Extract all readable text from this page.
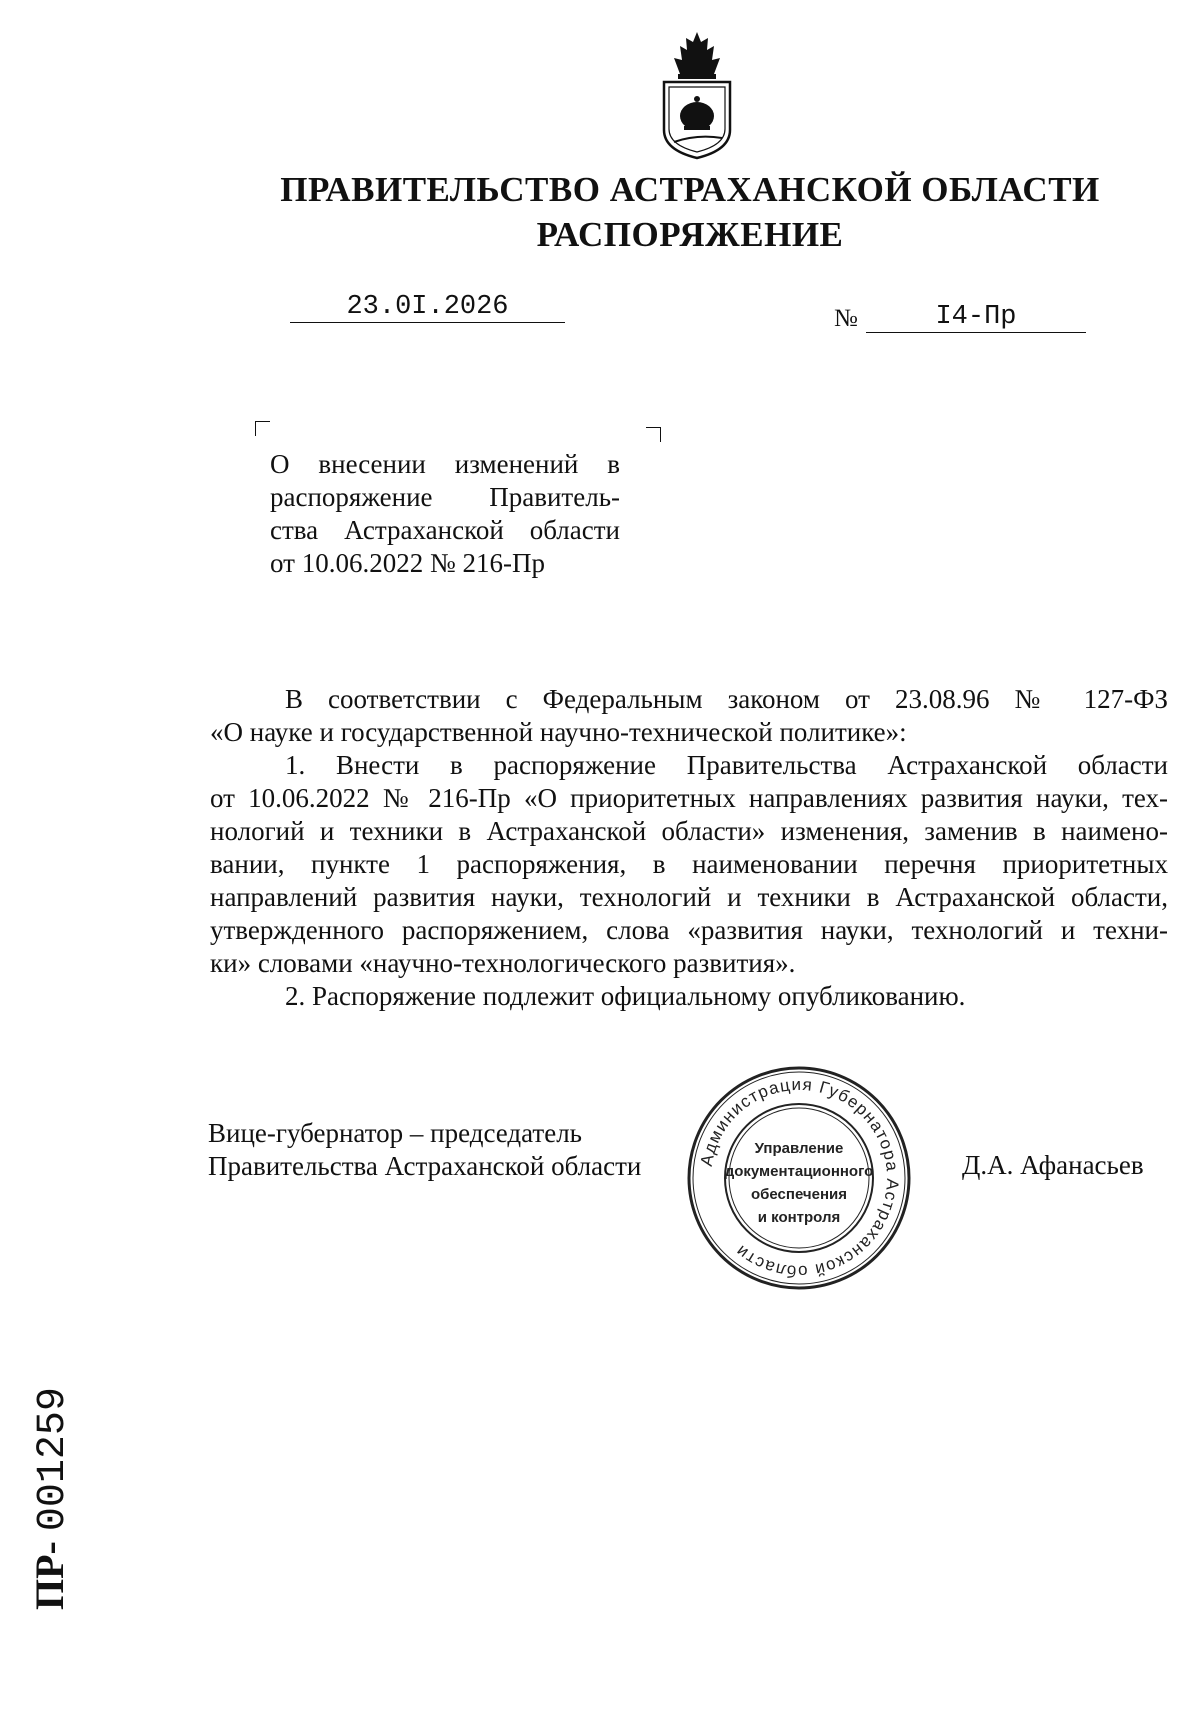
ПРАВИТЕЛЬСТВО АСТРАХАНСКОЙ ОБЛАСТИ
РАСПОРЯЖЕНИЕ
23.0I.2026	№	I4-Пр
О внесении изменений в
распоряжение Правитель-
ства Астраханской области
от 10.06.2022 № 216-Пр
В соответствии с Федеральным законом от 23.08.96 № 127-ФЗ
«О науке и государственной научно-технической политике»:
1. Внести в распоряжение Правительства Астраханской области
от 10.06.2022 № 216-Пр «О приоритетных направлениях развития науки, тех-
нологий и техники в Астраханской области» изменения, заменив в наимено-
вании, пункте 1 распоряжения, в наименовании перечня приоритетных
направлений развития науки, технологий и техники в Астраханской области,
утвержденного распоряжением, слова «развития науки, технологий и техни-
ки» словами «научно-технологического развития».
2. Распоряжение подлежит официальному опубликованию.
Вице-губернатор – председатель
Правительства Астраханской области	Д.А. Афанасьев
Администрация Губернатора Астраханской области
Управление
документационного
обеспечения
и контроля
ПР- 001259
